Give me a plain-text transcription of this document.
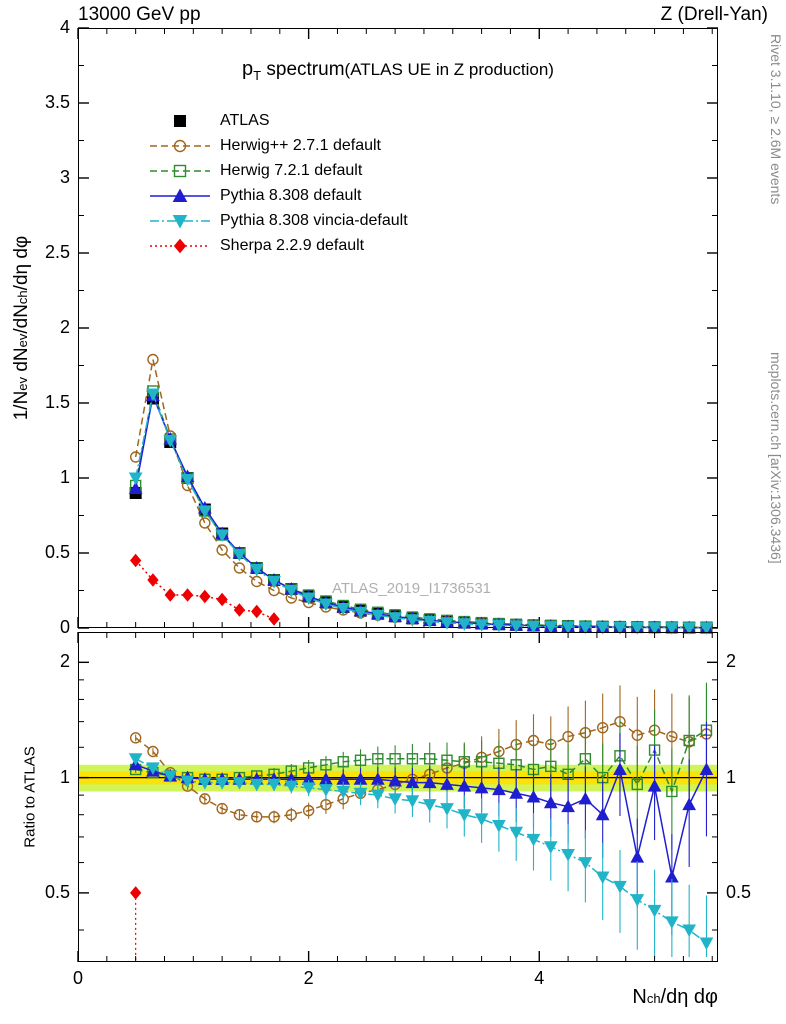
13000 GeV pp	Z (Drell-Yan)
Rivet 3.1.10, ≥ 2.6M events
mcplots.cern.ch [arXiv:1306.3436]
1/Nev dNev/dNch/dη dφ
0
0.5
1
1.5
2
2.5
3
3.5
4
$p_T$ spectrum(ATLAS UE in Z production)
ATLAS
Herwig++ 2.7.1 default
Herwig 7.2.1 default
Pythia 8.308 default
Pythia 8.308 vincia-default
Sherpa 2.2.9 default
ATLAS_2019_I1736531
Ratio to ATLAS
0.5	0.5
1	1
2	2
0	2	4
Nch/dη dφ
